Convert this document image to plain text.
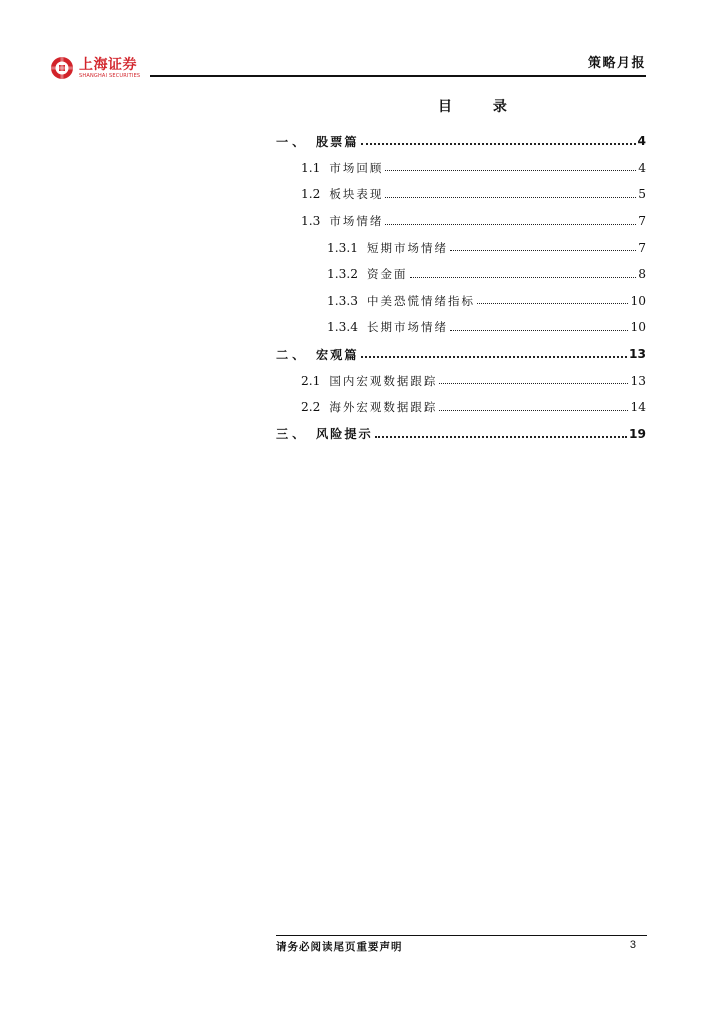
上海证券
SHANGHAI SECURITIES
策略月报
目 录
一、 股票篇	4
1.1 市场回顾	4
1.2 板块表现	5
1.3 市场情绪	7
1.3.1 短期市场情绪	7
1.3.2 资金面	8
1.3.3 中美恐慌情绪指标	10
1.3.4 长期市场情绪	10
二、 宏观篇	13
2.1 国内宏观数据跟踪	13
2.2 海外宏观数据跟踪	14
三、 风险提示	19
请务必阅读尾页重要声明	3
